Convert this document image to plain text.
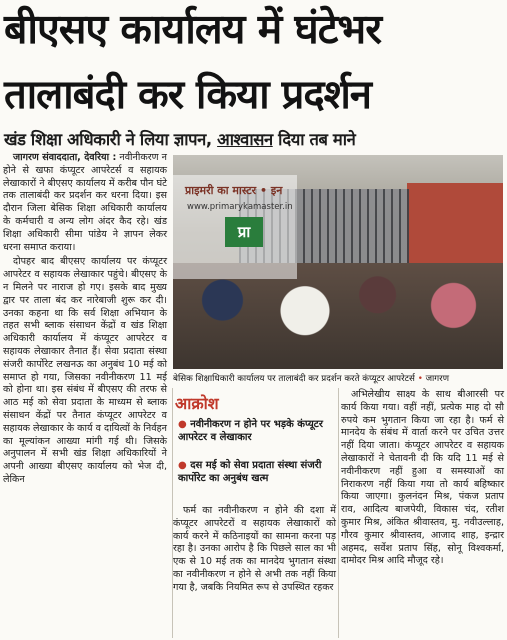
बीएसए कार्यालय में घंटेभर
तालाबंदी कर किया प्रदर्शन
खंड शिक्षा अधिकारी ने लिया ज्ञापन, आश्वासन दिया तब माने

जागरण संवाददाता, देवरिया : नवीनीकरण न होने से खफा कंप्यूटर आपरेटर्स व सहायक लेखाकारों ने बीएसए कार्यालय में करीब पौन घंटे तक तालाबंदी कर प्रदर्शन कर धरना दिया। इस दौरान जिला बेसिक शिक्षा अधिकारी कार्यालय के कर्मचारी व अन्य लोग अंदर कैद रहे। खंड शिक्षा अधिकारी सीमा पांडेय ने ज्ञापन लेकर धरना समाप्त कराया।

दोपहर बाद बीएसए कार्यालय पर कंप्यूटर आपरेटर व सहायक लेखाकार पहुंचे। बीएसए के न मिलने पर नाराज हो गए। इसके बाद मुख्य द्वार पर ताला बंद कर नारेबाजी शुरू कर दी। उनका कहना था कि सर्व शिक्षा अभियान के तहत सभी ब्लाक संसाधन केंद्रों व खंड शिक्षा अधिकारी कार्यालय में कंप्यूटर आपरेटर व सहायक लेखाकार तैनात हैं। सेवा प्रदाता संस्था संजरी कार्पोरेट लखनऊ का अनुबंध 10 मई को समाप्त हो गया, जिसका नवीनीकरण 11 मई को होना था। इस संबंध में बीएसए की तरफ से आठ मई को सेवा प्रदाता के माध्यम से ब्लाक संसाधन केंद्रों पर तैनात कंप्यूटर आपरेटर व सहायक लेखाकार के कार्य व दायित्वों के निर्वहन का मूल्यांकन आख्या मांगी गई थी। जिसके अनुपालन में सभी खंड शिक्षा अधिकारियों ने अपनी आख्या बीएसए कार्यालय को भेज दी, लेकिन

प्राइमरी का मास्टर • इन
www.primarykamaster.in
प्रा
बेसिक शिक्षाधिकारी कार्यालय पर तालाबंदी कर प्रदर्शन करते कंप्यूटर आपरेटर्स • जागरण
आक्रोश
● नवीनीकरण न होने पर भड़के कंप्यूटर आपरेटर व लेखाकार
● दस मई को सेवा प्रदाता संस्था संजरी कार्पोरेट का अनुबंध खत्म

फर्म का नवीनीकरण न होने की दशा में कंप्यूटर आपरेटरों व सहायक लेखाकारों को कार्य करने में कठिनाइयों का सामना करना पड़ रहा है। उनका आरोप है कि पिछले साल का भी एक से 10 मई तक का मानदेय भुगतान संस्था का नवीनीकरण न होने से अभी तक नहीं किया गया है, जबकि नियमित रूप से उपस्थित रहकर

अभिलेखीय साक्ष्य के साथ बीआरसी पर कार्य किया गया। वहीं नहीं, प्रत्येक माह दो सौ रुपये कम भुगतान किया जा रहा है। फर्म से मानदेय के संबंध में वार्ता करने पर उचित उत्तर नहीं दिया जाता। कंप्यूटर आपरेटर व सहायक लेखाकारों ने चेतावनी दी कि यदि 11 मई से नवीनीकरण नहीं हुआ व समस्याओं का निराकरण नहीं किया गया तो कार्य बहिष्कार किया जाएगा। कुलनंदन मिश्र, पंकज प्रताप राव, आदित्य बाजपेयी, विकास चंद, रतीश कुमार मिश्र, अंकित श्रीवास्तव, मु. नवीउल्लाह, गौरव कुमार श्रीवास्तव, आजाद शाह, इन्द्रार अहमद, सर्वेश प्रताप सिंह, सोनू विश्वकर्मा, दामोदर मिश्र आदि मौजूद रहे।
